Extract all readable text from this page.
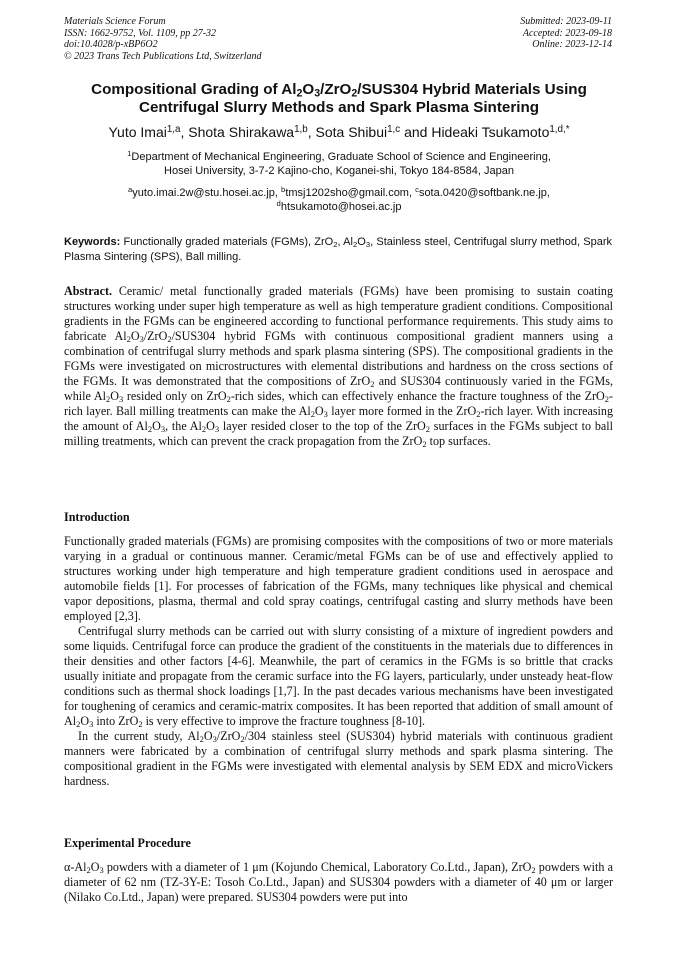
Materials Science Forum
ISSN: 1662-9752, Vol. 1109, pp 27-32
doi:10.4028/p-xBP6O2
© 2023 Trans Tech Publications Ltd, Switzerland
Submitted: 2023-09-11
Accepted: 2023-09-18
Online: 2023-12-14
Compositional Grading of $Al_2O_3/ZrO_2/SUS304$ Hybrid Materials Using
Centrifugal Slurry Methods and Spark Plasma Sintering
Yuto Imai$^{1,a}$, Shota Shirakawa$^{1,b}$, Sota Shibui$^{1,c}$ and Hideaki Tsukamoto$^{1,d,*}$
$^1$Department of Mechanical Engineering, Graduate School of Science and Engineering,
Hosei University, 3-7-2 Kajino-cho, Koganei-shi, Tokyo 184-8584, Japan
$^a$yuto.imai.2w@stu.hosei.ac.jp, $^b$tmsj1202sho@gmail.com, $^c$sota.0420@softbank.ne.jp,
$^d$htsukamoto@hosei.ac.jp
Keywords: Functionally graded materials (FGMs), ZrO$_2$, $Al_2O_3$, Stainless steel, Centrifugal slurry method, Spark Plasma Sintering (SPS), Ball milling.

Abstract. Ceramic/ metal functionally graded materials (FGMs) have been promising to sustain coating structures working under super high temperature as well as high temperature gradient conditions. Compositional gradients in the FGMs can be engineered according to functional performance requirements. This study aims to fabricate $Al_2O_3/ZrO_2/SUS304$ hybrid FGMs with continuous compositional gradient manners using a combination of centrifugal slurry methods and spark plasma sintering (SPS). The compositional gradients in the FGMs were investigated on microstructures with elemental distributions and hardness on the cross sections of the FGMs. It was demonstrated that the compositions of ZrO$_2$ and SUS304 continuously varied in the FGMs, while $Al_2O_3$ resided only on ZrO$_2$-rich sides, which can effectively enhance the fracture toughness of the ZrO$_2$-rich layer. Ball milling treatments can make the $Al_2O_3$ layer more formed in the ZrO$_2$-rich layer. With increasing the amount of $Al_2O_3$, the $Al_2O_3$ layer resided closer to the top of the ZrO$_2$ surfaces in the FGMs subject to ball milling treatments, which can prevent the crack propagation from the ZrO$_2$ top surfaces.

Introduction

Functionally graded materials (FGMs) are promising composites with the compositions of two or more materials varying in a gradual or continuous manner. Ceramic/metal FGMs can be of use and effectively applied to structures working under high temperature and high temperature gradient conditions used in aerospace and automobile fields [1]. For processes of fabrication of the FGMs, many techniques like physical and chemical vapor depositions, plasma, thermal and cold spray coatings, centrifugal casting and slurry methods have been employed [2,3].

Centrifugal slurry methods can be carried out with slurry consisting of a mixture of ingredient powders and some liquids. Centrifugal force can produce the gradient of the constituents in the materials due to differences in their densities and other factors [4-6]. Meanwhile, the part of ceramics in the FGMs is so brittle that cracks usually initiate and propagate from the ceramic surface into the FG layers, particularly, under unsteady heat-flow conditions such as thermal shock loadings [1,7]. In the past decades various mechanisms have been investigated for toughening of ceramics and ceramic-matrix composites. It has been reported that addition of small amount of $Al_2O_3$ into ZrO$_2$ is very effective to improve the fracture toughness [8-10].

In the current study, $Al_2O_3/ZrO_2/304$ stainless steel (SUS304) hybrid materials with continuous gradient manners were fabricated by a combination of centrifugal slurry methods and spark plasma sintering. The compositional gradient in the FGMs were investigated with elemental analysis by SEM EDX and microVickers hardness.

Experimental Procedure

$\alpha-Al_2O_3$ powders with a diameter of 1 μm (Kojundo Chemical, Laboratory Co.Ltd., Japan), ZrO$_2$ powders with a diameter of 62 nm (TZ-3Y-E: Tosoh Co.Ltd., Japan) and SUS304 powders with a diameter of 40 μm or larger (Nilako Co.Ltd., Japan) were prepared. SUS304 powders were put into
